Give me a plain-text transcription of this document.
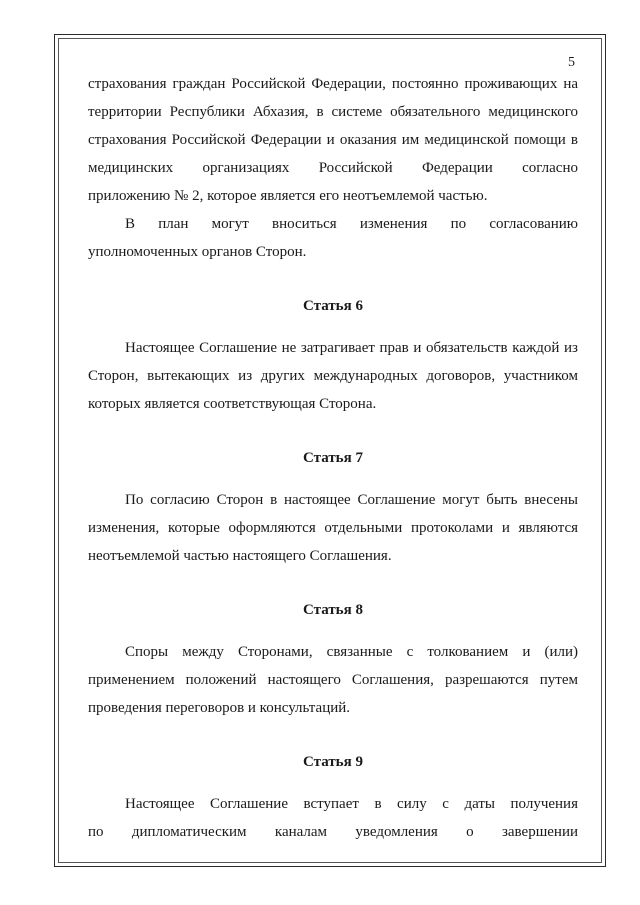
5
страхования граждан Российской Федерации, постоянно проживающих на
территории Республики Абхазия, в системе обязательного медицинского
страхования Российской Федерации и оказания им медицинской помощи в
медицинских организациях Российской Федерации согласно

приложению № 2, которое является его неотъемлемой частью.

В план могут вноситься изменения по согласованию

уполномоченных органов Сторон.

Статья 6

Настоящее Соглашение не затрагивает прав и обязательств каждой из Сторон, вытекающих из других международных договоров, участником которых является соответствующая Сторона.

Статья 7

По согласию Сторон в настоящее Соглашение могут быть внесены изменения, которые оформляются отдельными протоколами и являются неотъемлемой частью настоящего Соглашения.

Статья 8

Споры между Сторонами, связанные с толкованием и (или) применением положений настоящего Соглашения, разрешаются путем проведения переговоров и консультаций.

Статья 9

Настоящее Соглашение вступает в силу с даты получения
по дипломатическим каналам уведомления о завершении
